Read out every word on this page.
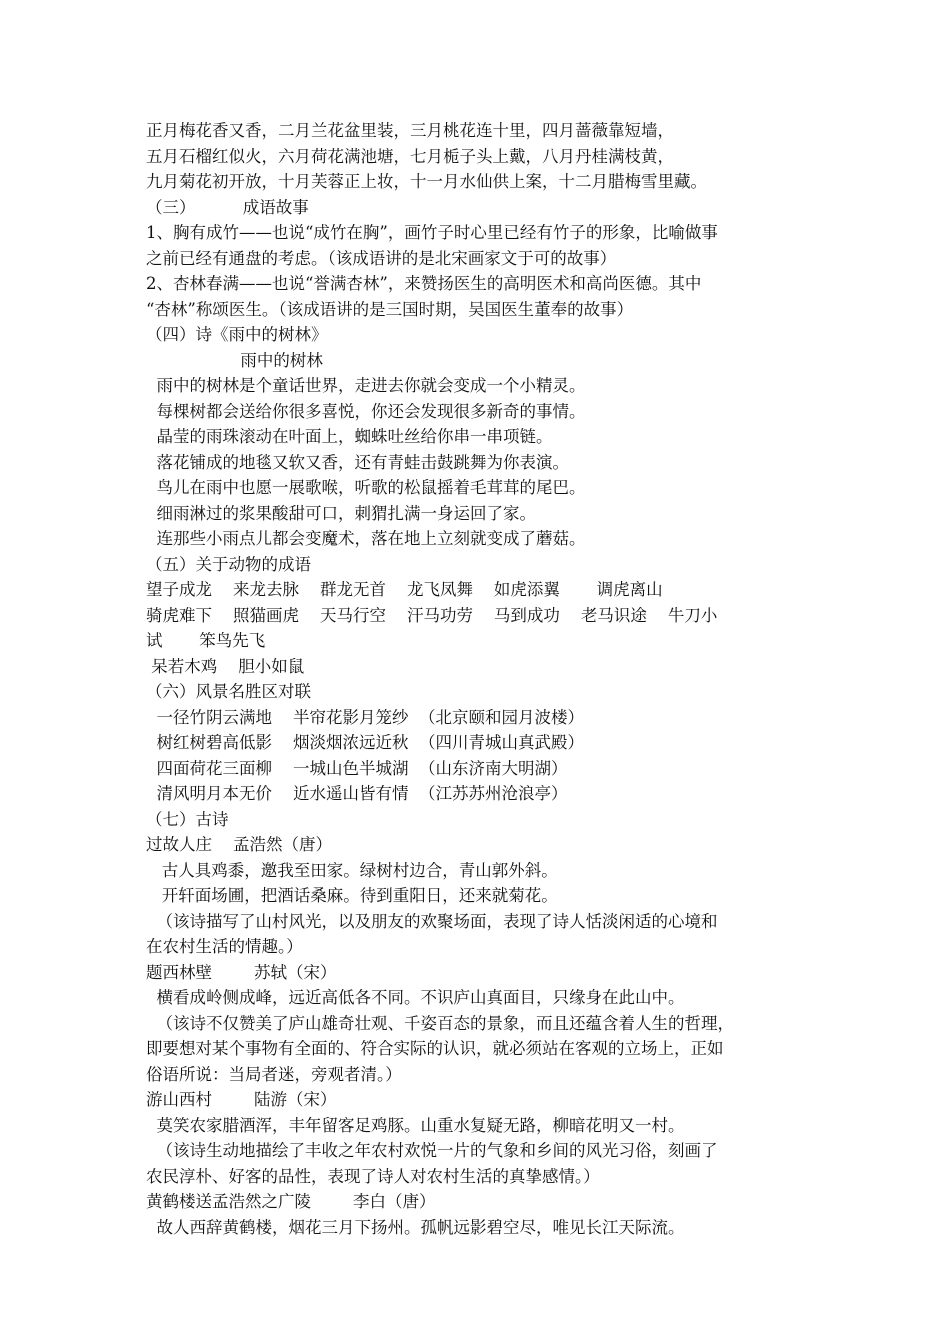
正月梅花香又香，二月兰花盆里装，三月桃花连十里，四月蔷薇靠短墙，
五月石榴红似火，六月荷花满池塘，七月栀子头上戴，八月丹桂满枝黄，
九月菊花初开放，十月芙蓉正上妆，十一月水仙供上案，十二月腊梅雪里藏。
（三）         成语故事
1、胸有成竹——也说“成竹在胸”，画竹子时心里已经有竹子的形象，比喻做事
之前已经有通盘的考虑。（该成语讲的是北宋画家文于可的故事）
2、杏林春满——也说“誉满杏林”，来赞扬医生的高明医术和高尚医德。其中
“杏林”称颂医生。（该成语讲的是三国时期，吴国医生董奉的故事）
（四）诗《雨中的树林》
雨中的树林
雨中的树林是个童话世界，走进去你就会变成一个小精灵。
每棵树都会送给你很多喜悦，你还会发现很多新奇的事情。
晶莹的雨珠滚动在叶面上，蜘蛛吐丝给你串一串项链。
落花铺成的地毯又软又香，还有青蛙击鼓跳舞为你表演。
鸟儿在雨中也愿一展歌喉，听歌的松鼠摇着毛茸茸的尾巴。
细雨淋过的浆果酸甜可口，刺猬扎满一身运回了家。
连那些小雨点儿都会变魔术，落在地上立刻就变成了蘑菇。
（五）关于动物的成语
望子成龙    来龙去脉    群龙无首    龙飞凤舞    如虎添翼       调虎离山
骑虎难下    照猫画虎    天马行空    汗马功劳    马到成功    老马识途    牛刀小
试       笨鸟先飞
呆若木鸡    胆小如鼠
（六）风景名胜区对联
一径竹阴云满地    半帘花影月笼纱  （北京颐和园月波楼）
树红树碧高低影    烟淡烟浓远近秋  （四川青城山真武殿）
四面荷花三面柳    一城山色半城湖  （山东济南大明湖）
清风明月本无价    近水遥山皆有情  （江苏苏州沧浪亭）
（七）古诗
过故人庄    孟浩然（唐）
古人具鸡黍，邀我至田家。绿树村边合，青山郭外斜。
开轩面场圃，把酒话桑麻。待到重阳日，还来就菊花。
（该诗描写了山村风光，以及朋友的欢聚场面，表现了诗人恬淡闲适的心境和
在农村生活的情趣。）
题西林壁        苏轼（宋）
横看成岭侧成峰，远近高低各不同。不识庐山真面目，只缘身在此山中。
（该诗不仅赞美了庐山雄奇壮观、千姿百态的景象，而且还蕴含着人生的哲理，
即要想对某个事物有全面的、符合实际的认识，就必须站在客观的立场上，正如
俗语所说：当局者迷，旁观者清。）
游山西村        陆游（宋）
莫笑农家腊酒浑，丰年留客足鸡豚。山重水复疑无路，柳暗花明又一村。
（该诗生动地描绘了丰收之年农村欢悦一片的气象和乡间的风光习俗，刻画了
农民淳朴、好客的品性，表现了诗人对农村生活的真挚感情。）
黄鹤楼送孟浩然之广陵        李白（唐）
故人西辞黄鹤楼，烟花三月下扬州。孤帆远影碧空尽，唯见长江天际流。
